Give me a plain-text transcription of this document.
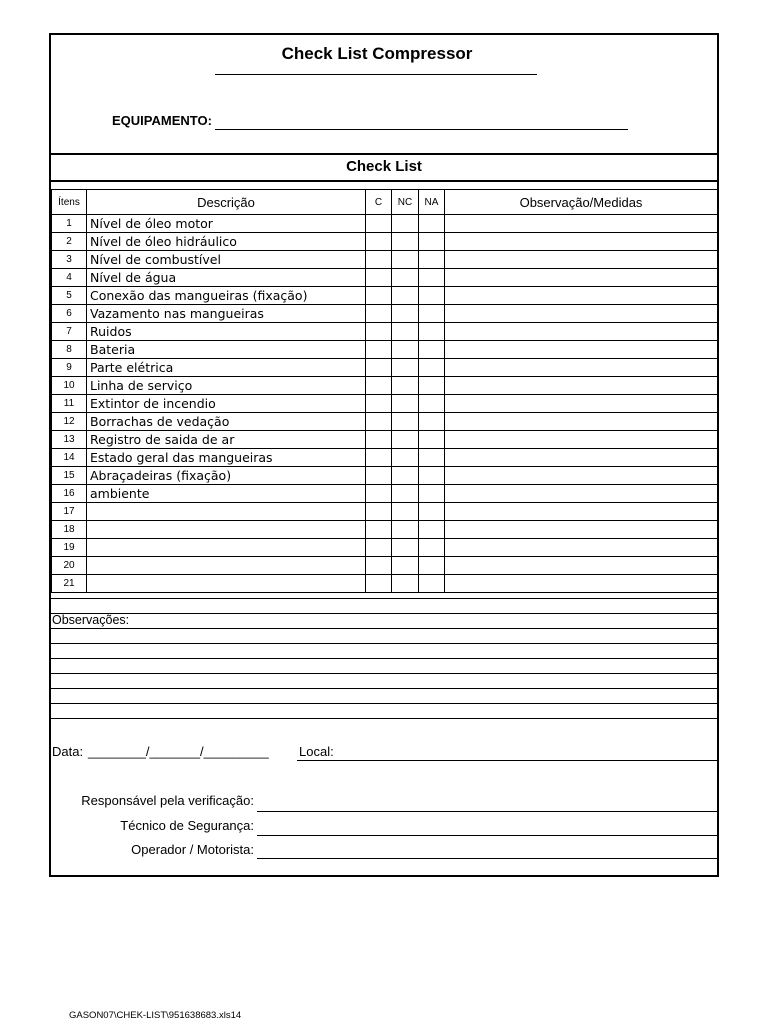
Check List Compressor
EQUIPAMENTO:
Check List
Ítens	Descrição	C	NC	NA	Observação/Medidas
1	Nível de óleo motor				
2	Nível de óleo hidráulico				
3	Nível de combustível				
4	Nível de água				
5	Conexão das mangueiras (fixação)				
6	Vazamento nas mangueiras				
7	Ruidos				
8	Bateria				
9	Parte elétrica				
10	Linha de serviço				
11	Extintor de incendio				
12	Borrachas de vedação				
13	Registro de saida de ar				
14	Estado geral das mangueiras				
15	Abraçadeiras (fixação)				
16	ambiente				
17					
18					
19					
20					
21					
Observações:
Data: ________/_______/_________ Local:
Responsável pela verificação:
Técnico de Segurança:
Operador / Motorista:
GASON07\CHEK-LIST\951638683.xls14
